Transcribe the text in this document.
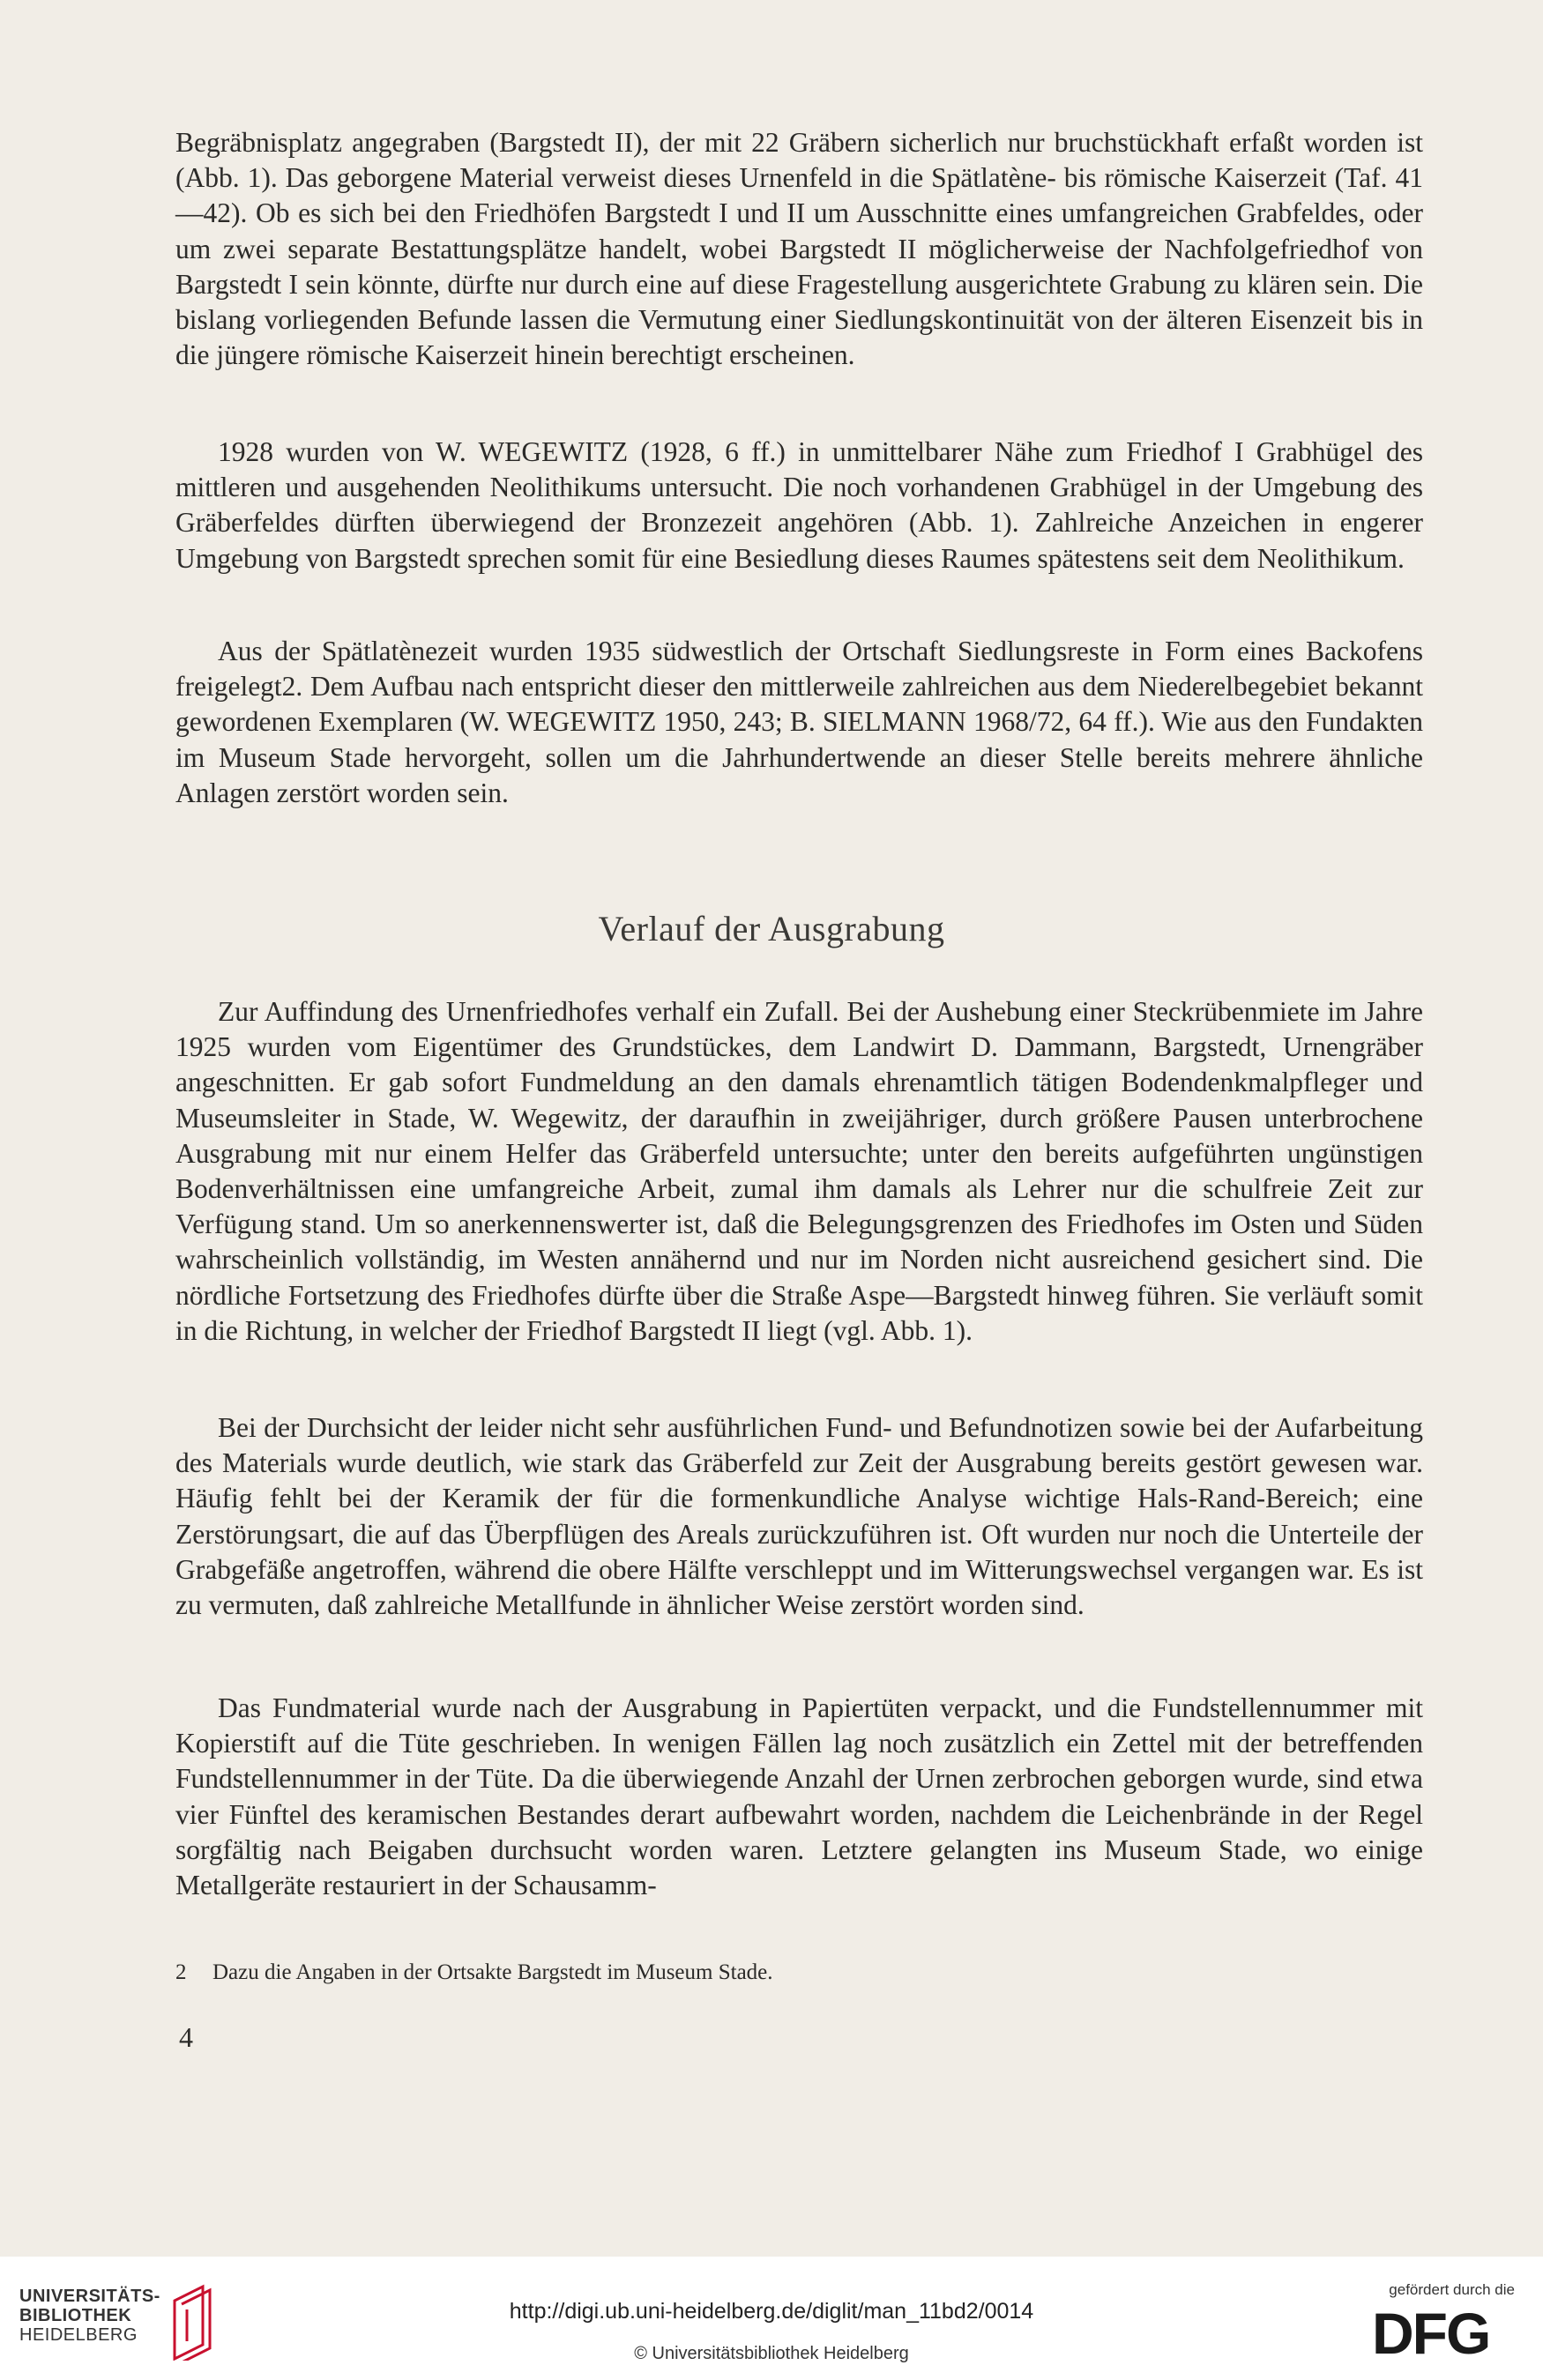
Begräbnisplatz angegraben (Bargstedt II), der mit 22 Gräbern sicherlich nur bruchstückhaft erfaßt worden ist (Abb. 1). Das geborgene Material verweist dieses Urnenfeld in die Spätlatène- bis römische Kaiserzeit (Taf. 41—42). Ob es sich bei den Friedhöfen Bargstedt I und II um Ausschnitte eines umfangreichen Grabfeldes, oder um zwei separate Bestattungsplätze handelt, wobei Bargstedt II möglicherweise der Nachfolgefriedhof von Bargstedt I sein könnte, dürfte nur durch eine auf diese Fragestellung ausgerichtete Grabung zu klären sein. Die bislang vorliegenden Befunde lassen die Vermutung einer Siedlungskontinuität von der älteren Eisenzeit bis in die jüngere römische Kaiserzeit hinein berechtigt erscheinen.

1928 wurden von W. WEGEWITZ (1928, 6 ff.) in unmittelbarer Nähe zum Friedhof I Grabhügel des mittleren und ausgehenden Neolithikums untersucht. Die noch vorhandenen Grabhügel in der Umgebung des Gräberfeldes dürften überwiegend der Bronzezeit angehören (Abb. 1). Zahlreiche Anzeichen in engerer Umgebung von Bargstedt sprechen somit für eine Besiedlung dieses Raumes spätestens seit dem Neolithikum.

Aus der Spätlatènezeit wurden 1935 südwestlich der Ortschaft Siedlungsreste in Form eines Backofens freigelegt2. Dem Aufbau nach entspricht dieser den mittlerweile zahlreichen aus dem Niederelbegebiet bekannt gewordenen Exemplaren (W. WEGEWITZ 1950, 243; B. SIELMANN 1968/72, 64 ff.). Wie aus den Fundakten im Museum Stade hervorgeht, sollen um die Jahrhundertwende an dieser Stelle bereits mehrere ähnliche Anlagen zerstört worden sein.

Verlauf der Ausgrabung

Zur Auffindung des Urnenfriedhofes verhalf ein Zufall. Bei der Aushebung einer Steckrübenmiete im Jahre 1925 wurden vom Eigentümer des Grundstückes, dem Landwirt D. Dammann, Bargstedt, Urnengräber angeschnitten. Er gab sofort Fundmeldung an den damals ehrenamtlich tätigen Bodendenkmalpfleger und Museumsleiter in Stade, W. Wegewitz, der daraufhin in zweijähriger, durch größere Pausen unterbrochene Ausgrabung mit nur einem Helfer das Gräberfeld untersuchte; unter den bereits aufgeführten ungünstigen Bodenverhältnissen eine umfangreiche Arbeit, zumal ihm damals als Lehrer nur die schulfreie Zeit zur Verfügung stand. Um so anerkennenswerter ist, daß die Belegungsgrenzen des Friedhofes im Osten und Süden wahrscheinlich vollständig, im Westen annähernd und nur im Norden nicht ausreichend gesichert sind. Die nördliche Fortsetzung des Friedhofes dürfte über die Straße Aspe—Bargstedt hinweg führen. Sie verläuft somit in die Richtung, in welcher der Friedhof Bargstedt II liegt (vgl. Abb. 1).

Bei der Durchsicht der leider nicht sehr ausführlichen Fund- und Befundnotizen sowie bei der Aufarbeitung des Materials wurde deutlich, wie stark das Gräberfeld zur Zeit der Ausgrabung bereits gestört gewesen war. Häufig fehlt bei der Keramik der für die formenkundliche Analyse wichtige Hals-Rand-Bereich; eine Zerstörungsart, die auf das Überpflügen des Areals zurückzuführen ist. Oft wurden nur noch die Unterteile der Grabgefäße angetroffen, während die obere Hälfte verschleppt und im Witterungswechsel vergangen war. Es ist zu vermuten, daß zahlreiche Metallfunde in ähnlicher Weise zerstört worden sind.

Das Fundmaterial wurde nach der Ausgrabung in Papiertüten verpackt, und die Fundstellennummer mit Kopierstift auf die Tüte geschrieben. In wenigen Fällen lag noch zusätzlich ein Zettel mit der betreffenden Fundstellennummer in der Tüte. Da die überwiegende Anzahl der Urnen zerbrochen geborgen wurde, sind etwa vier Fünftel des keramischen Bestandes derart aufbewahrt worden, nachdem die Leichenbrände in der Regel sorgfältig nach Beigaben durchsucht worden waren. Letztere gelangten ins Museum Stade, wo einige Metallgeräte restauriert in der Schausamm-

2 Dazu die Angaben in der Ortsakte Bargstedt im Museum Stade.
4
UNIVERSITÄTS-
BIBLIOTHEK
HEIDELBERG
http://digi.ub.uni-heidelberg.de/diglit/man_11bd2/0014
© Universitätsbibliothek Heidelberg
gefördert durch die
DFG
